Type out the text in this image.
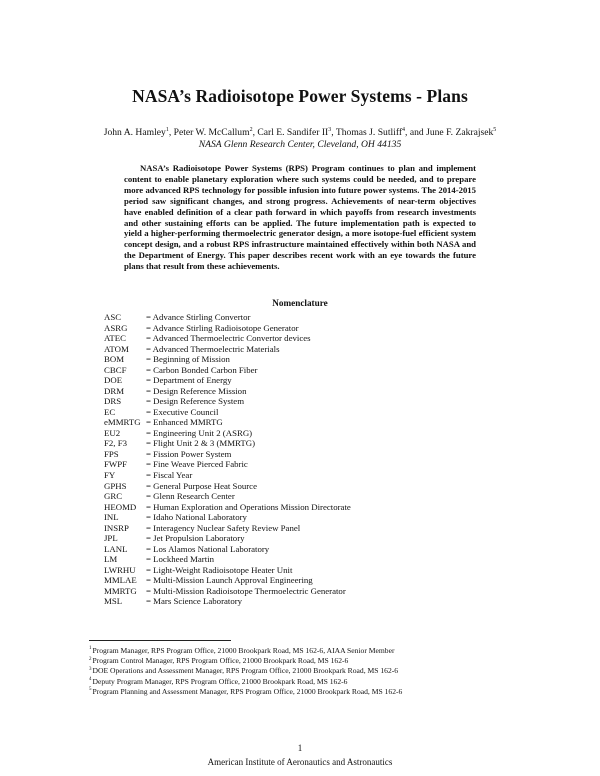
NASA’s Radioisotope Power Systems - Plans
John A. Hamley$^1$, Peter W. McCallum$^2$, Carl E. Sandifer $II^3$, Thomas J. Sutliff$^4$, and June F. Zakrajsek$^5$
NASA Glenn Research Center, Cleveland, OH 44135
NASA’s Radioisotope Power Systems (RPS) Program continues to plan and implement content to enable planetary exploration where such systems could be needed, and to prepare more advanced RPS technology for possible infusion into future power systems. The 2014-2015 period saw significant changes, and strong progress. Achievements of near-term objectives have enabled definition of a clear path forward in which payoffs from research investments and other sustaining efforts can be applied. The future implementation path is expected to yield a higher-performing thermoelectric generator design, a more isotope-fuel efficient system concept design, and a robust RPS infrastructure maintained effectively within both NASA and the Department of Energy. This paper describes recent work with an eye towards the future plans that result from these achievements.
Nomenclature
ASC	= Advance Stirling Convertor
ASRG = Advance Stirling Radioisotope Generator
ATEC = Advanced Thermoelectric Convertor devices
ATOM = Advanced Thermoelectric Materials
BOM = Beginning of Mission
CBCF = Carbon Bonded Carbon Fiber
DOE	= Department of Energy
DRM = Design Reference Mission
DRS	= Design Reference System
EC	= Executive Council
eMMRTG = Enhanced MMRTG
EU2	= Engineering Unit 2 (ASRG)
F2, F3 = Flight Unit 2 & 3 (MMRTG)
FPS	= Fission Power System
FWPF = Fine Weave Pierced Fabric
FY	= Fiscal Year
GPHS = General Purpose Heat Source
GRC	= Glenn Research Center
HEOMD = Human Exploration and Operations Mission Directorate
INL	= Idaho National Laboratory
INSRP = Interagency Nuclear Safety Review Panel
JPL	= Jet Propulsion Laboratory
LANL = Los Alamos National Laboratory
LM	= Lockheed Martin
LWRHU = Light-Weight Radioisotope Heater Unit
MMLAE = Multi-Mission Launch Approval Engineering
MMRTG = Multi-Mission Radioisotope Thermoelectric Generator
MSL	= Mars Science Laboratory
$^1$Program Manager, RPS Program Office, 21000 Brookpark Road, MS 162-6, AIAA Senior Member
$^2$Program Control Manager, RPS Program Office, 21000 Brookpark Road, MS 162-6
$^3$DOE Operations and Assessment Manager, RPS Program Office, 21000 Brookpark Road, MS 162-6
$^4$Deputy Program Manager, RPS Program Office, 21000 Brookpark Road, MS 162-6
$^5$Program Planning and Assessment Manager, RPS Program Office, 21000 Brookpark Road, MS 162-6
1
American Institute of Aeronautics and Astronautics
